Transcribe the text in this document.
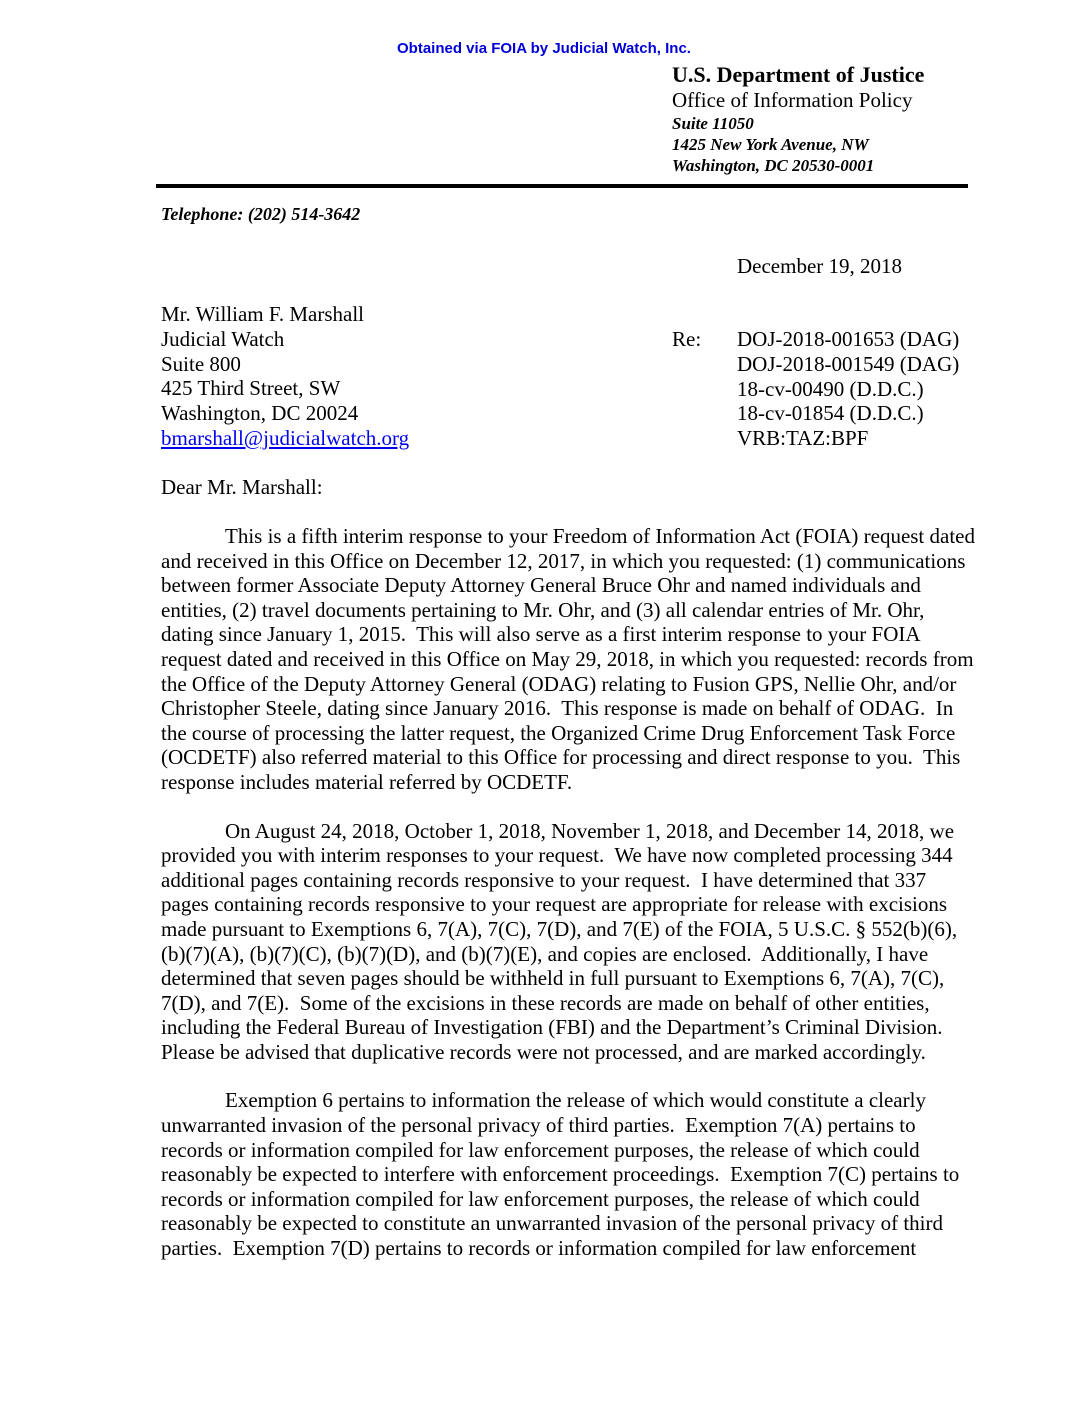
Obtained via FOIA by Judicial Watch, Inc.
U.S. Department of Justice
Office of Information Policy
Suite 11050
1425 New York Avenue, NW
Washington, DC 20530-0001
Telephone: (202) 514-3642
December 19, 2018
Mr. William F. Marshall
Judicial Watch
Suite 800
425 Third Street, SW
Washington, DC 20024
bmarshall@judicialwatch.org
Re: DOJ-2018-001653 (DAG)
DOJ-2018-001549 (DAG)
18-cv-00490 (D.D.C.)
18-cv-01854 (D.D.C.)
VRB:TAZ:BPF
Dear Mr. Marshall:

This is a fifth interim response to your Freedom of Information Act (FOIA) request dated and received in this Office on December 12, 2017, in which you requested: (1) communications between former Associate Deputy Attorney General Bruce Ohr and named individuals and entities, (2) travel documents pertaining to Mr. Ohr, and (3) all calendar entries of Mr. Ohr, dating since January 1, 2015.  This will also serve as a first interim response to your FOIA request dated and received in this Office on May 29, 2018, in which you requested: records from the Office of the Deputy Attorney General (ODAG) relating to Fusion GPS, Nellie Ohr, and/or Christopher Steele, dating since January 2016.  This response is made on behalf of ODAG.  In the course of processing the latter request, the Organized Crime Drug Enforcement Task Force (OCDETF) also referred material to this Office for processing and direct response to you.  This response includes material referred by OCDETF.

On August 24, 2018, October 1, 2018, November 1, 2018, and December 14, 2018, we provided you with interim responses to your request.  We have now completed processing 344 additional pages containing records responsive to your request.  I have determined that 337 pages containing records responsive to your request are appropriate for release with excisions made pursuant to Exemptions 6, 7(A), 7(C), 7(D), and 7(E) of the FOIA, 5 U.S.C. § 552(b)(6), (b)(7)(A), (b)(7)(C), (b)(7)(D), and (b)(7)(E), and copies are enclosed.  Additionally, I have determined that seven pages should be withheld in full pursuant to Exemptions 6, 7(A), 7(C), 7(D), and 7(E).  Some of the excisions in these records are made on behalf of other entities, including the Federal Bureau of Investigation (FBI) and the Department’s Criminal Division.  Please be advised that duplicative records were not processed, and are marked accordingly.

Exemption 6 pertains to information the release of which would constitute a clearly unwarranted invasion of the personal privacy of third parties.  Exemption 7(A) pertains to records or information compiled for law enforcement purposes, the release of which could reasonably be expected to interfere with enforcement proceedings.  Exemption 7(C) pertains to records or information compiled for law enforcement purposes, the release of which could reasonably be expected to constitute an unwarranted invasion of the personal privacy of third parties.  Exemption 7(D) pertains to records or information compiled for law enforcement
